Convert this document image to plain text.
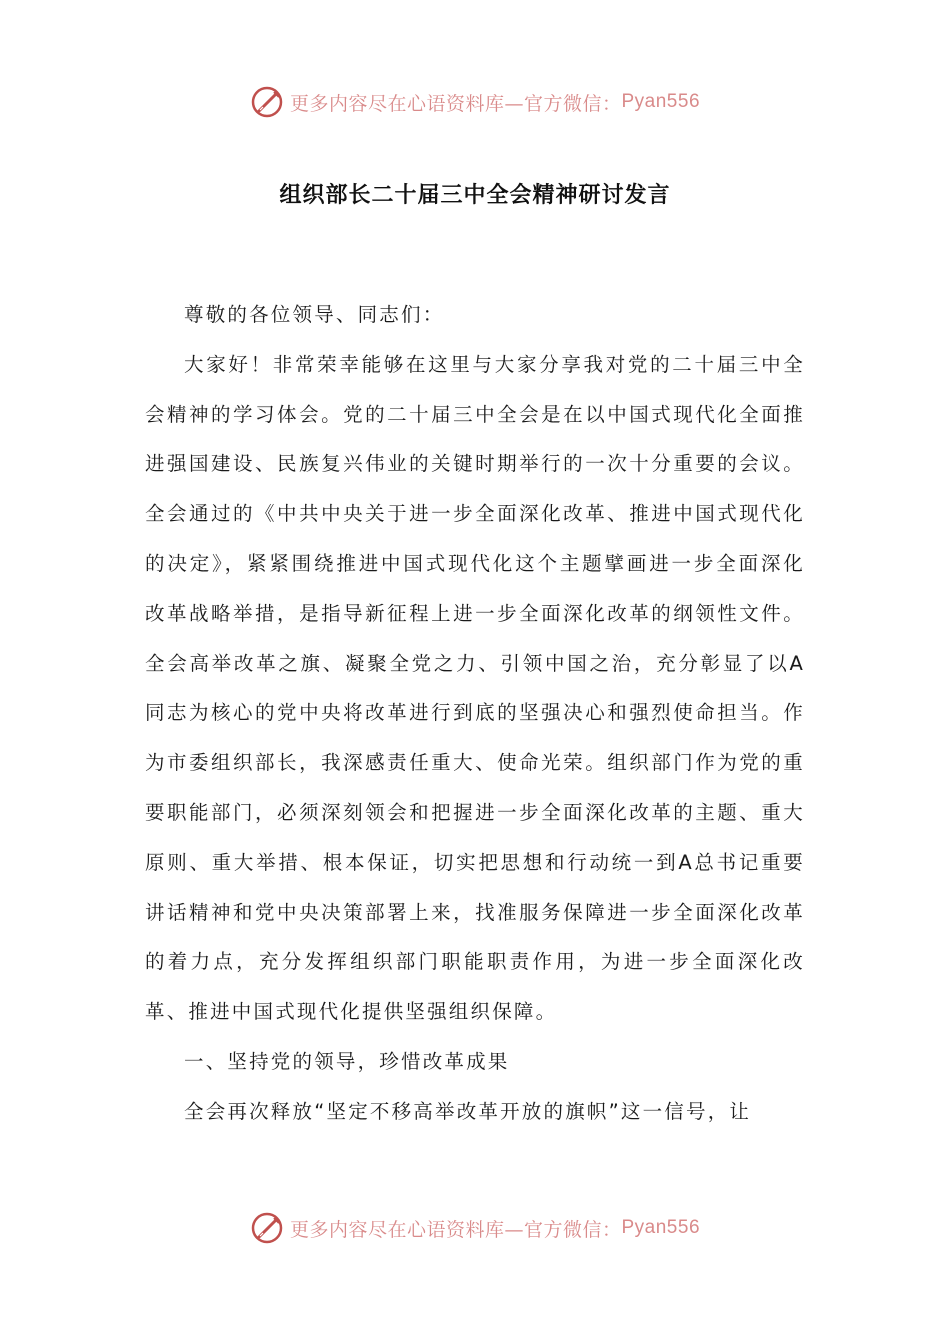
更多内容尽在心语资料库—官方微信： Pyan556
组织部长二十届三中全会精神研讨发言

尊敬的各位领导、同志们：

大家好！非常荣幸能够在这里与大家分享我对党的二十届三中全会精神的学习体会。党的二十届三中全会是在以中国式现代化全面推进强国建设、民族复兴伟业的关键时期举行的一次十分重要的会议。全会通过的《中共中央关于进一步全面深化改革、推进中国式现代化的决定》，紧紧围绕推进中国式现代化这个主题擘画进一步全面深化改革战略举措，是指导新征程上进一步全面深化改革的纲领性文件。全会高举改革之旗、凝聚全党之力、引领中国之治，充分彰显了以A同志为核心的党中央将改革进行到底的坚强决心和强烈使命担当。作为市委组织部长，我深感责任重大、使命光荣。组织部门作为党的重要职能部门，必须深刻领会和把握进一步全面深化改革的主题、重大原则、重大举措、根本保证，切实把思想和行动统一到A总书记重要讲话精神和党中央决策部署上来，找准服务保障进一步全面深化改革的着力点，充分发挥组织部门职能职责作用，为进一步全面深化改革、推进中国式现代化提供坚强组织保障。

一、坚持党的领导，珍惜改革成果

全会再次释放“坚定不移高举改革开放的旗帜”这一信号，让

更多内容尽在心语资料库—官方微信： Pyan556
